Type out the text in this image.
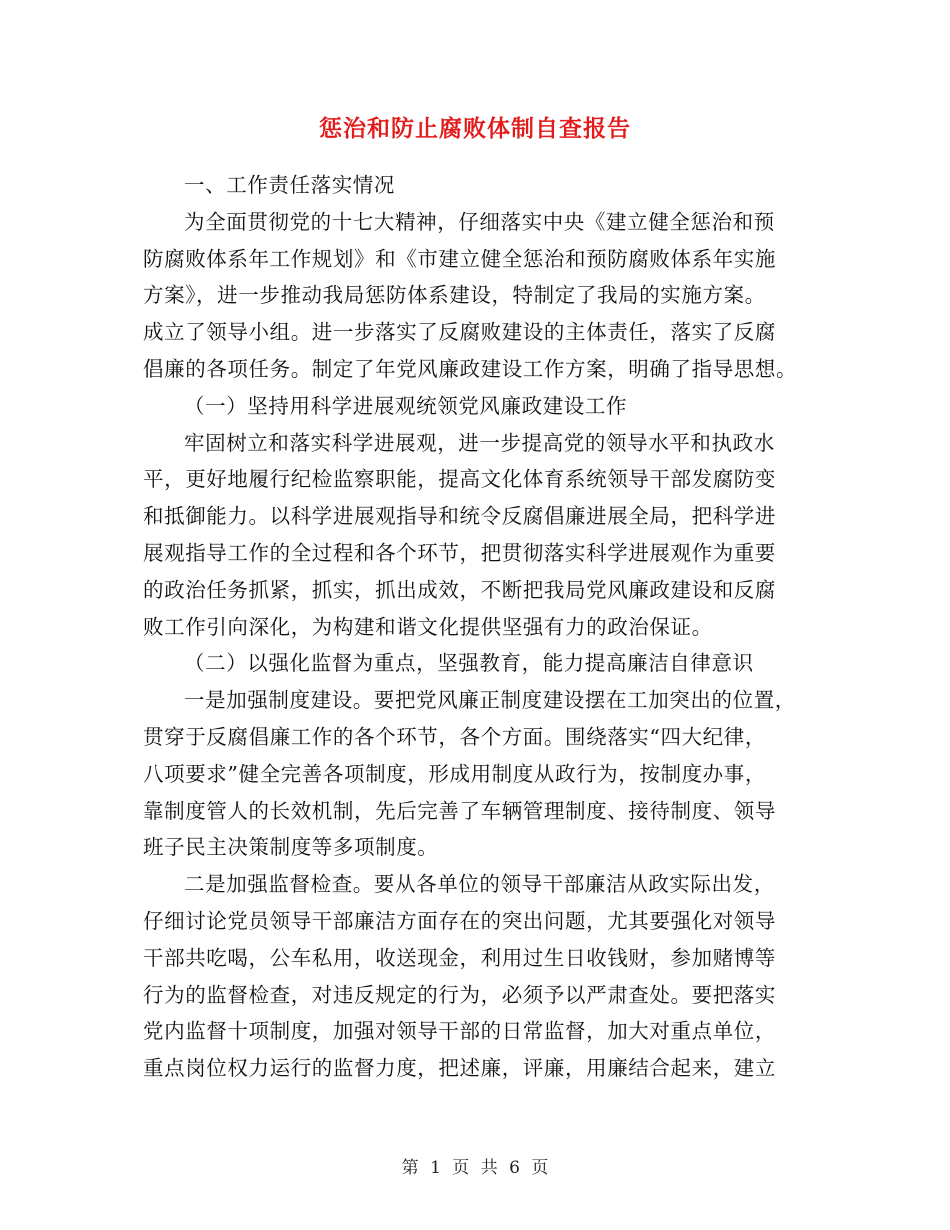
惩治和防止腐败体制自查报告
一、工作责任落实情况
为全面贯彻党的十七大精神，仔细落实中央《建立健全惩治和预
防腐败体系年工作规划》和《市建立健全惩治和预防腐败体系年实施
方案》，进一步推动我局惩防体系建设，特制定了我局的实施方案。
成立了领导小组。进一步落实了反腐败建设的主体责任，落实了反腐
倡廉的各项任务。制定了年党风廉政建设工作方案，明确了指导思想。
（一）坚持用科学进展观统领党风廉政建设工作
牢固树立和落实科学进展观，进一步提高党的领导水平和执政水
平，更好地履行纪检监察职能，提高文化体育系统领导干部发腐防变
和抵御能力。以科学进展观指导和统令反腐倡廉进展全局，把科学进
展观指导工作的全过程和各个环节，把贯彻落实科学进展观作为重要
的政治任务抓紧，抓实，抓出成效，不断把我局党风廉政建设和反腐
败工作引向深化，为构建和谐文化提供坚强有力的政治保证。
（二）以强化监督为重点，坚强教育，能力提高廉洁自律意识
一是加强制度建设。要把党风廉正制度建设摆在工加突出的位置，
贯穿于反腐倡廉工作的各个环节，各个方面。围绕落实“四大纪律，
八项要求”健全完善各项制度，形成用制度从政行为，按制度办事，
靠制度管人的长效机制，先后完善了车辆管理制度、接待制度、领导
班子民主决策制度等多项制度。
二是加强监督检查。要从各单位的领导干部廉洁从政实际出发，
仔细讨论党员领导干部廉洁方面存在的突出问题，尤其要强化对领导
干部共吃喝，公车私用，收送现金，利用过生日收钱财，参加赌博等
行为的监督检查，对违反规定的行为，必须予以严肃查处。要把落实
党内监督十项制度，加强对领导干部的日常监督，加大对重点单位，
重点岗位权力运行的监督力度，把述廉，评廉，用廉结合起来，建立
第 1 页 共 6 页
